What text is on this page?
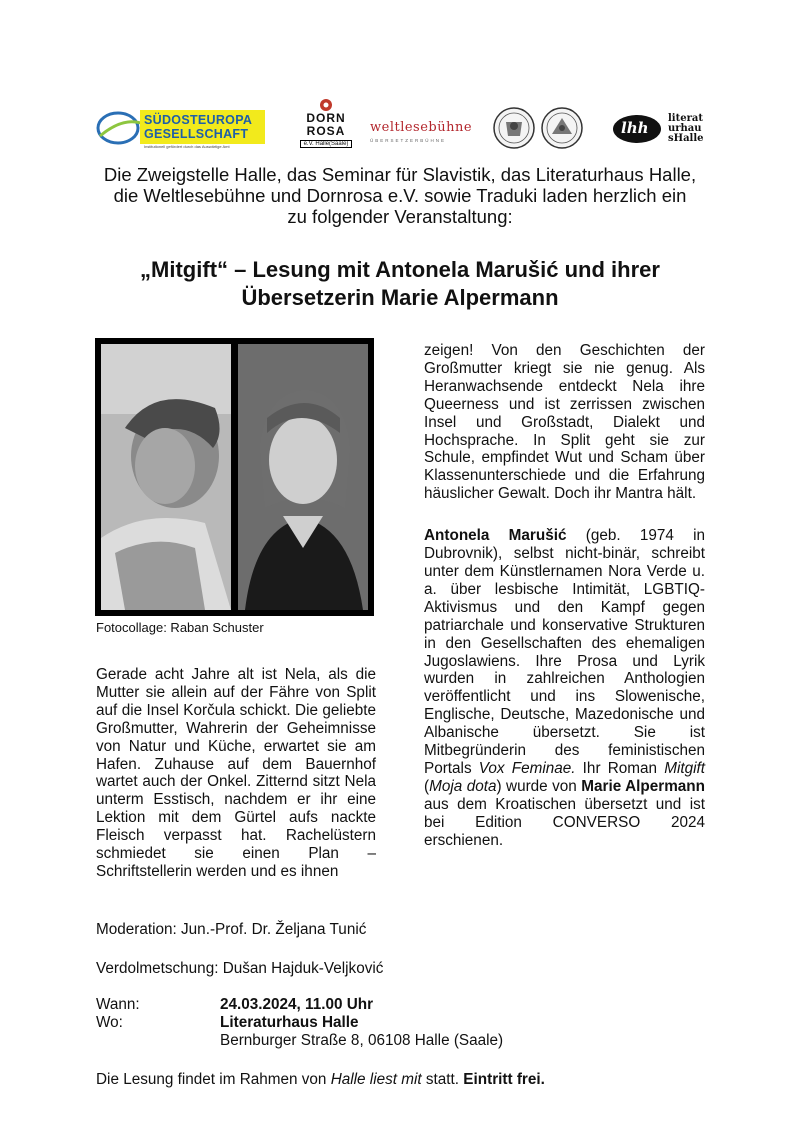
SÜDOSTEUROPA
GESELLSCHAFT
Institutionell gefördert durch das Auswärtige Amt
DORN
ROSA
e.V. Halle(Saale)
weltlesebühne
ÜBERSETZERBÜHNE
lhh
literat
urhau
sHalle
Die Zweigstelle Halle, das Seminar für Slavistik, das Literaturhaus Halle,
die Weltlesebühne und Dornrosa e.V. sowie Traduki laden herzlich ein
zu folgender Veranstaltung:
„Mitgift“ – Lesung mit Antonela Marušić und ihrer
Übersetzerin Marie Alpermann
Fotocollage: Raban Schuster

Gerade acht Jahre alt ist Nela, als die Mutter sie allein auf der Fähre von Split auf die Insel Korčula schickt. Die geliebte Großmutter, Wahrerin der Geheimnisse von Natur und Küche, erwartet sie am Hafen. Zuhause auf dem Bauernhof wartet auch der Onkel. Zitternd sitzt Nela unterm Esstisch, nachdem er ihr eine Lektion mit dem Gürtel aufs nackte Fleisch verpasst hat. Rachelüstern schmiedet sie einen Plan – Schriftstellerin werden und es ihnen

zeigen! Von den Geschichten der Großmutter kriegt sie nie genug. Als Heranwachsende entdeckt Nela ihre Queerness und ist zerrissen zwischen Insel und Großstadt, Dialekt und Hochsprache. In Split geht sie zur Schule, empfindet Wut und Scham über Klassenunterschiede und die Erfahrung häuslicher Gewalt. Doch ihr Mantra hält.

Antonela Marušić (geb. 1974 in Dubrovnik), selbst nicht-binär, schreibt unter dem Künstlernamen Nora Verde u. a. über lesbische Intimität, LGBTIQ-Aktivismus und den Kampf gegen patriarchale und konservative Strukturen in den Gesellschaften des ehemaligen Jugoslawiens. Ihre Prosa und Lyrik wurden in zahlreichen Anthologien veröffentlicht und ins Slowenische, Englische, Deutsche, Mazedonische und Albanische übersetzt. Sie ist Mitbegründerin des feministischen Portals Vox Feminae. Ihr Roman Mitgift (Moja dota) wurde von Marie Alpermann aus dem Kroatischen übersetzt und ist bei Edition CONVERSO 2024 erschienen.

Moderation: Jun.-Prof. Dr. Željana Tunić
Verdolmetschung: Dušan Hajduk-Veljković
Wann:	24.03.2024, 11.00 Uhr
Wo:	Literaturhaus Halle
Bernburger Straße 8, 06108 Halle (Saale)
Die Lesung findet im Rahmen von Halle liest mit statt. Eintritt frei.
